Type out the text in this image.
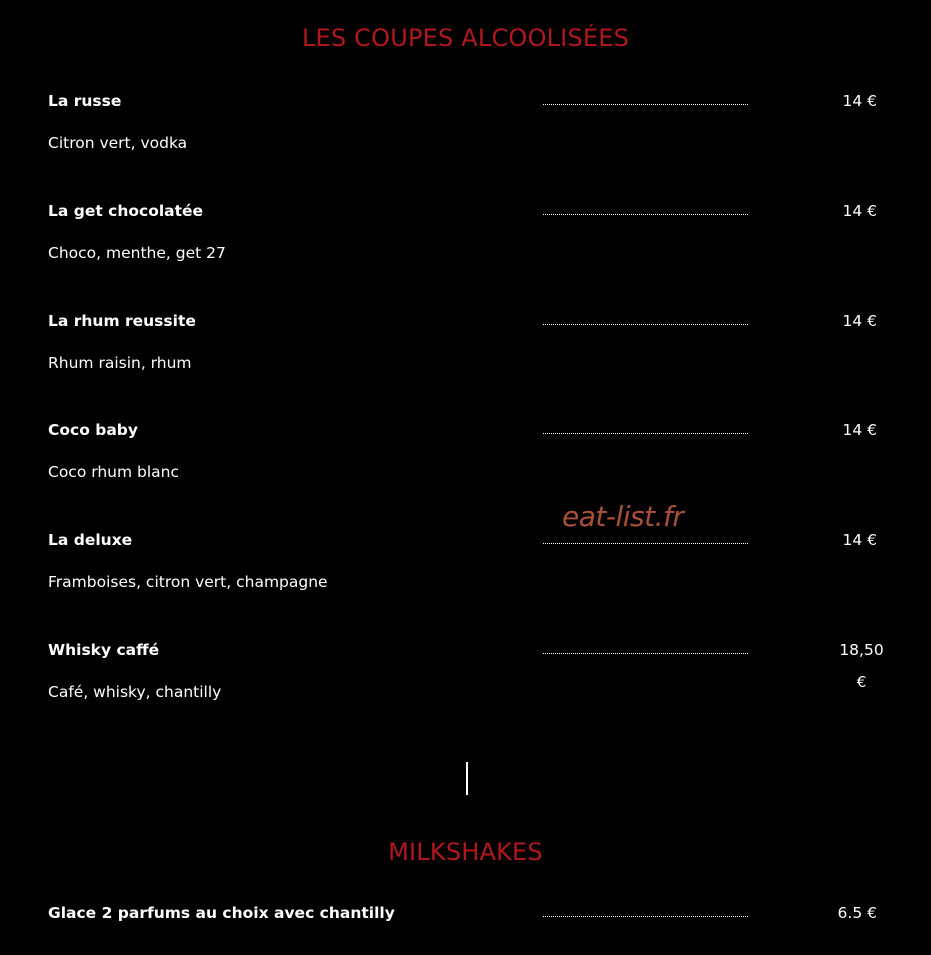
LES COUPES ALCOOLISÉES
La russe	14 €
Citron vert, vodka
La get chocolatée	14 €
Choco, menthe, get 27
La rhum reussite	14 €
Rhum raisin, rhum
Coco baby	14 €
Coco rhum blanc
eat-list.fr
La deluxe	14 €
Framboises, citron vert, champagne
Whisky caffé	18,50 €
Café, whisky, chantilly
MILKSHAKES
Glace 2 parfums au choix avec chantilly	6.5 €
